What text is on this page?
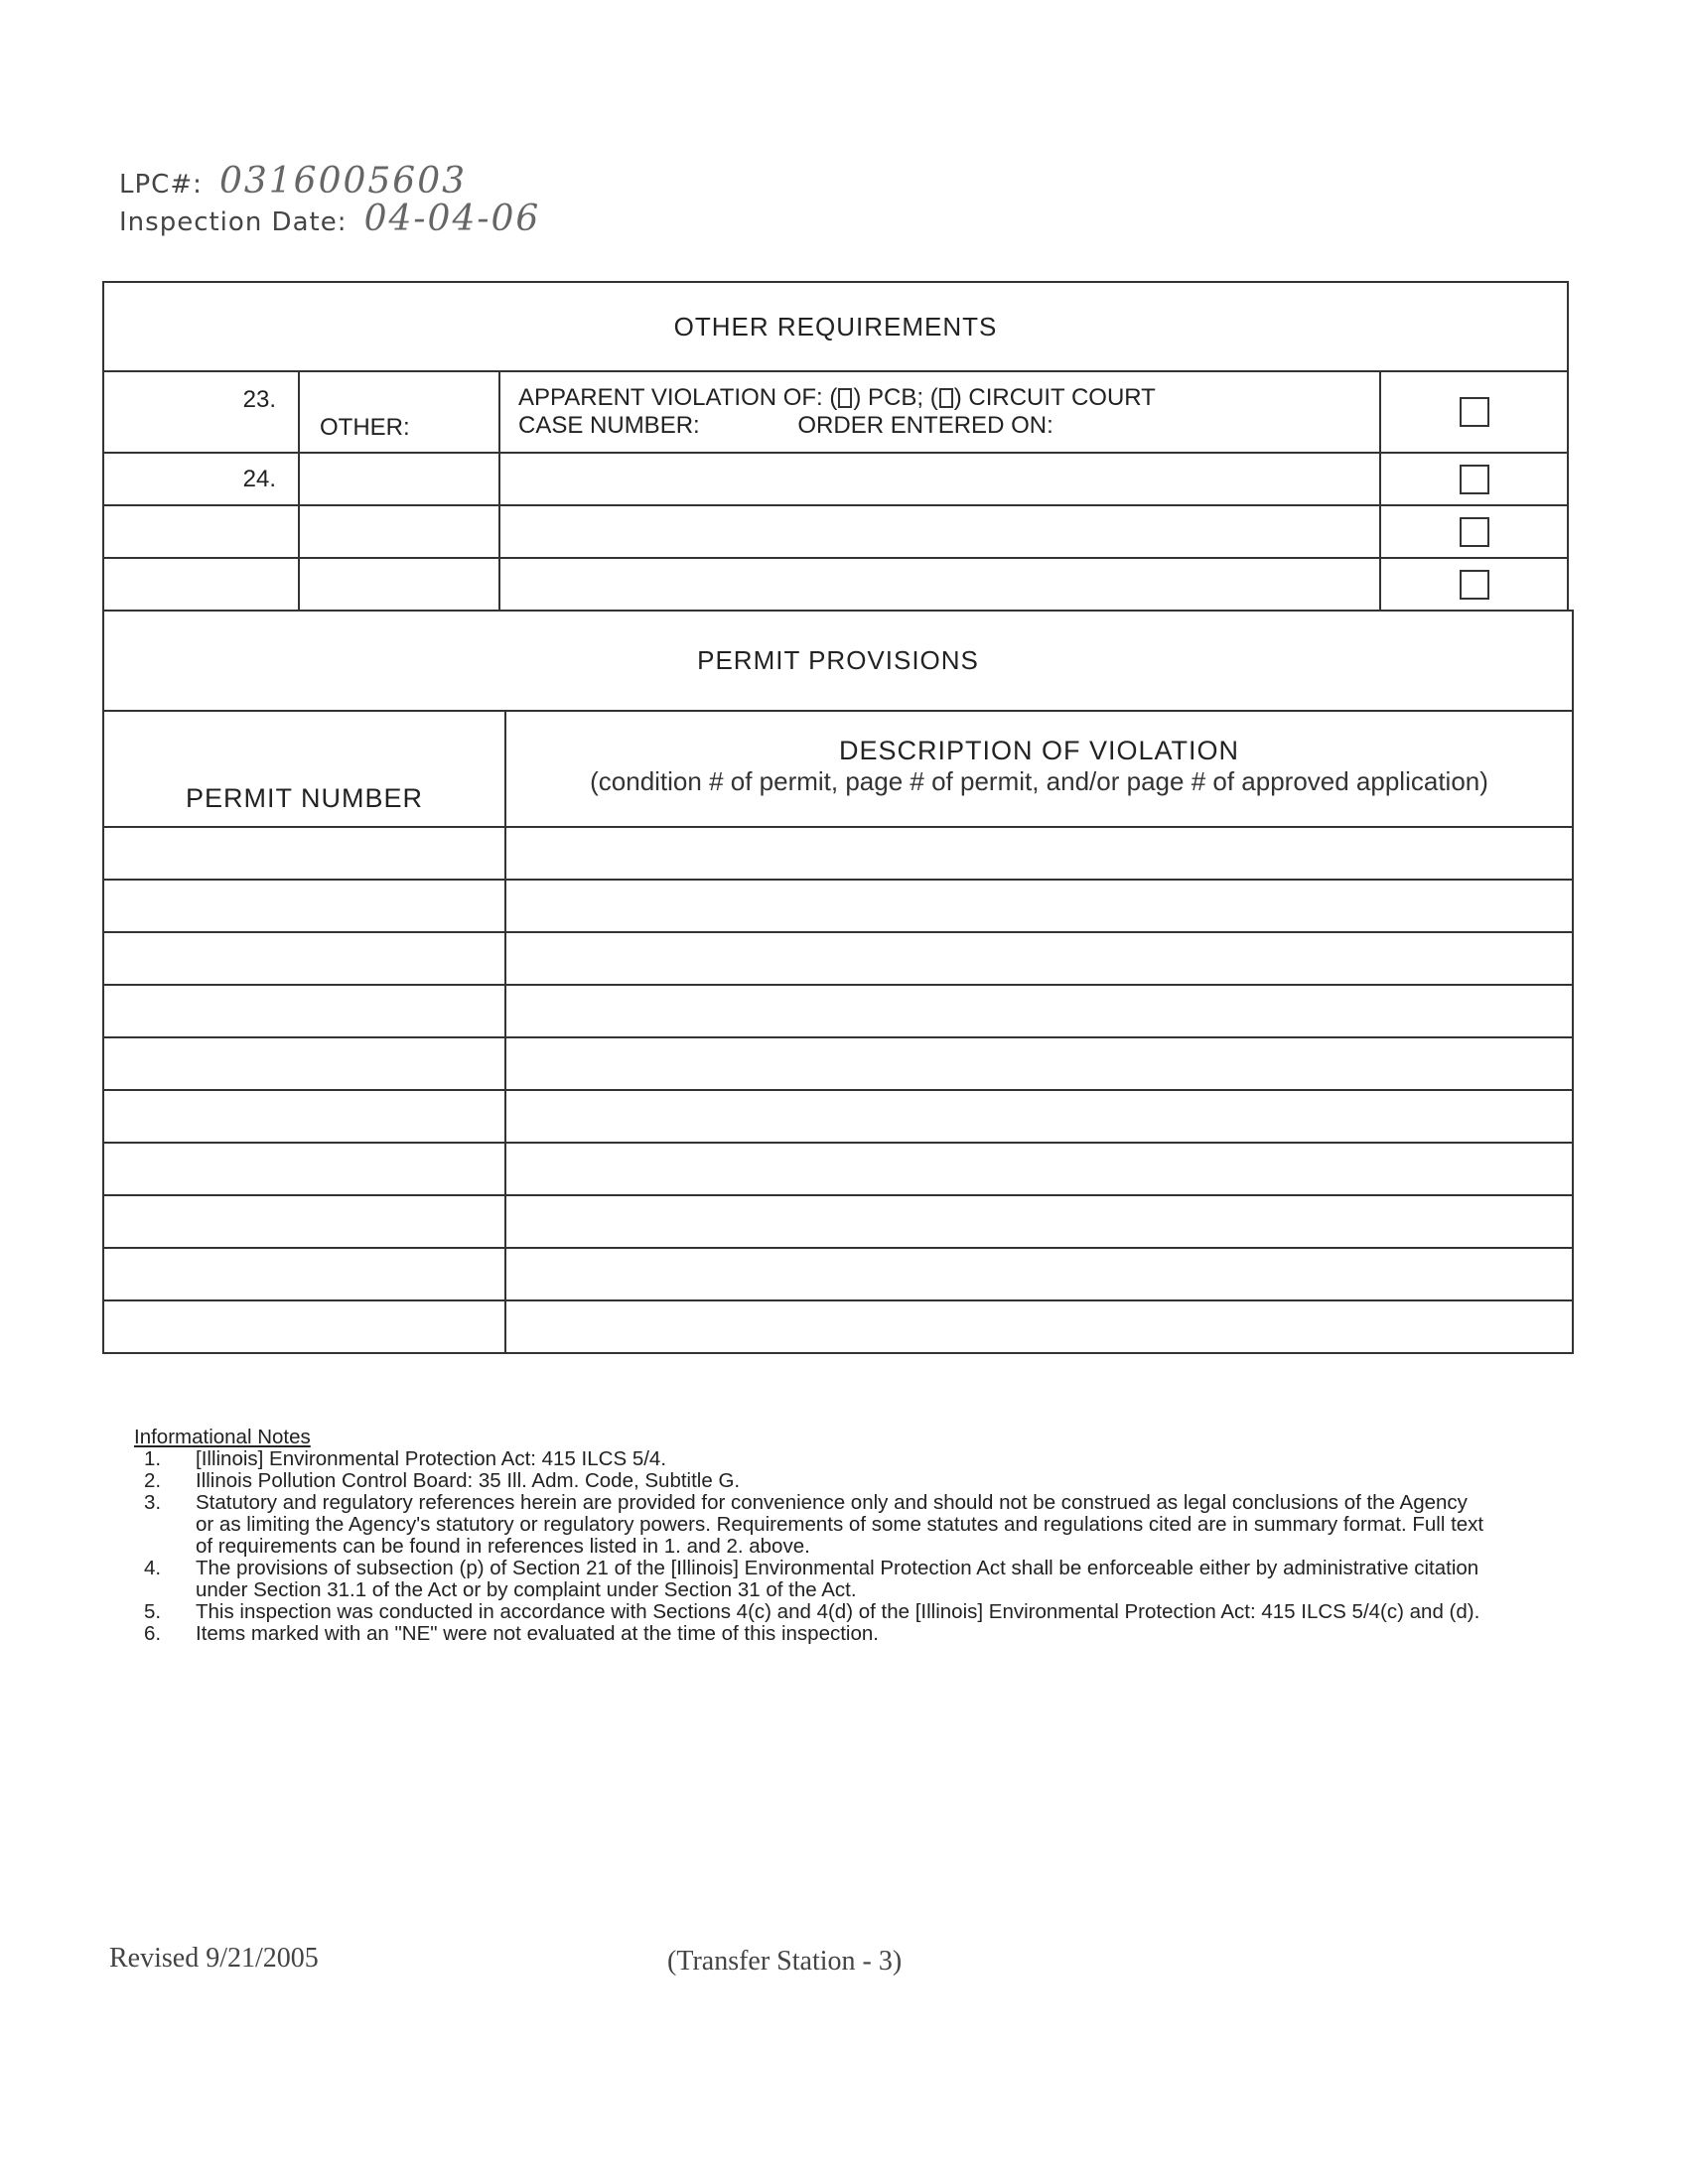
LPC#: 0316005603
Inspection Date: 04-04-06
OTHER REQUIREMENTS			
23.	OTHER:	APPARENT VIOLATION OF: ( ) PCB; ( ) CIRCUIT COURT
CASE NUMBER: ORDER ENTERED ON:	

24.			

PERMIT PROVISIONS	
PERMIT NUMBER	DESCRIPTION OF VIOLATION
(condition # of permit, page # of permit, and/or page # of approved application)

Informational Notes
1. [Illinois] Environmental Protection Act: 415 ILCS 5/4.
2. Illinois Pollution Control Board: 35 Ill. Adm. Code, Subtitle G.
3. Statutory and regulatory references herein are provided for convenience only and should not be construed as legal conclusions of the Agency or as limiting the Agency's statutory or regulatory powers. Requirements of some statutes and regulations cited are in summary format. Full text of requirements can be found in references listed in 1. and 2. above.
4. The provisions of subsection (p) of Section 21 of the [Illinois] Environmental Protection Act shall be enforceable either by administrative citation under Section 31.1 of the Act or by complaint under Section 31 of the Act.
5. This inspection was conducted in accordance with Sections 4(c) and 4(d) of the [Illinois] Environmental Protection Act: 415 ILCS 5/4(c) and (d).
6. Items marked with an "NE" were not evaluated at the time of this inspection.
Revised 9/21/2005	(Transfer Station - 3)
